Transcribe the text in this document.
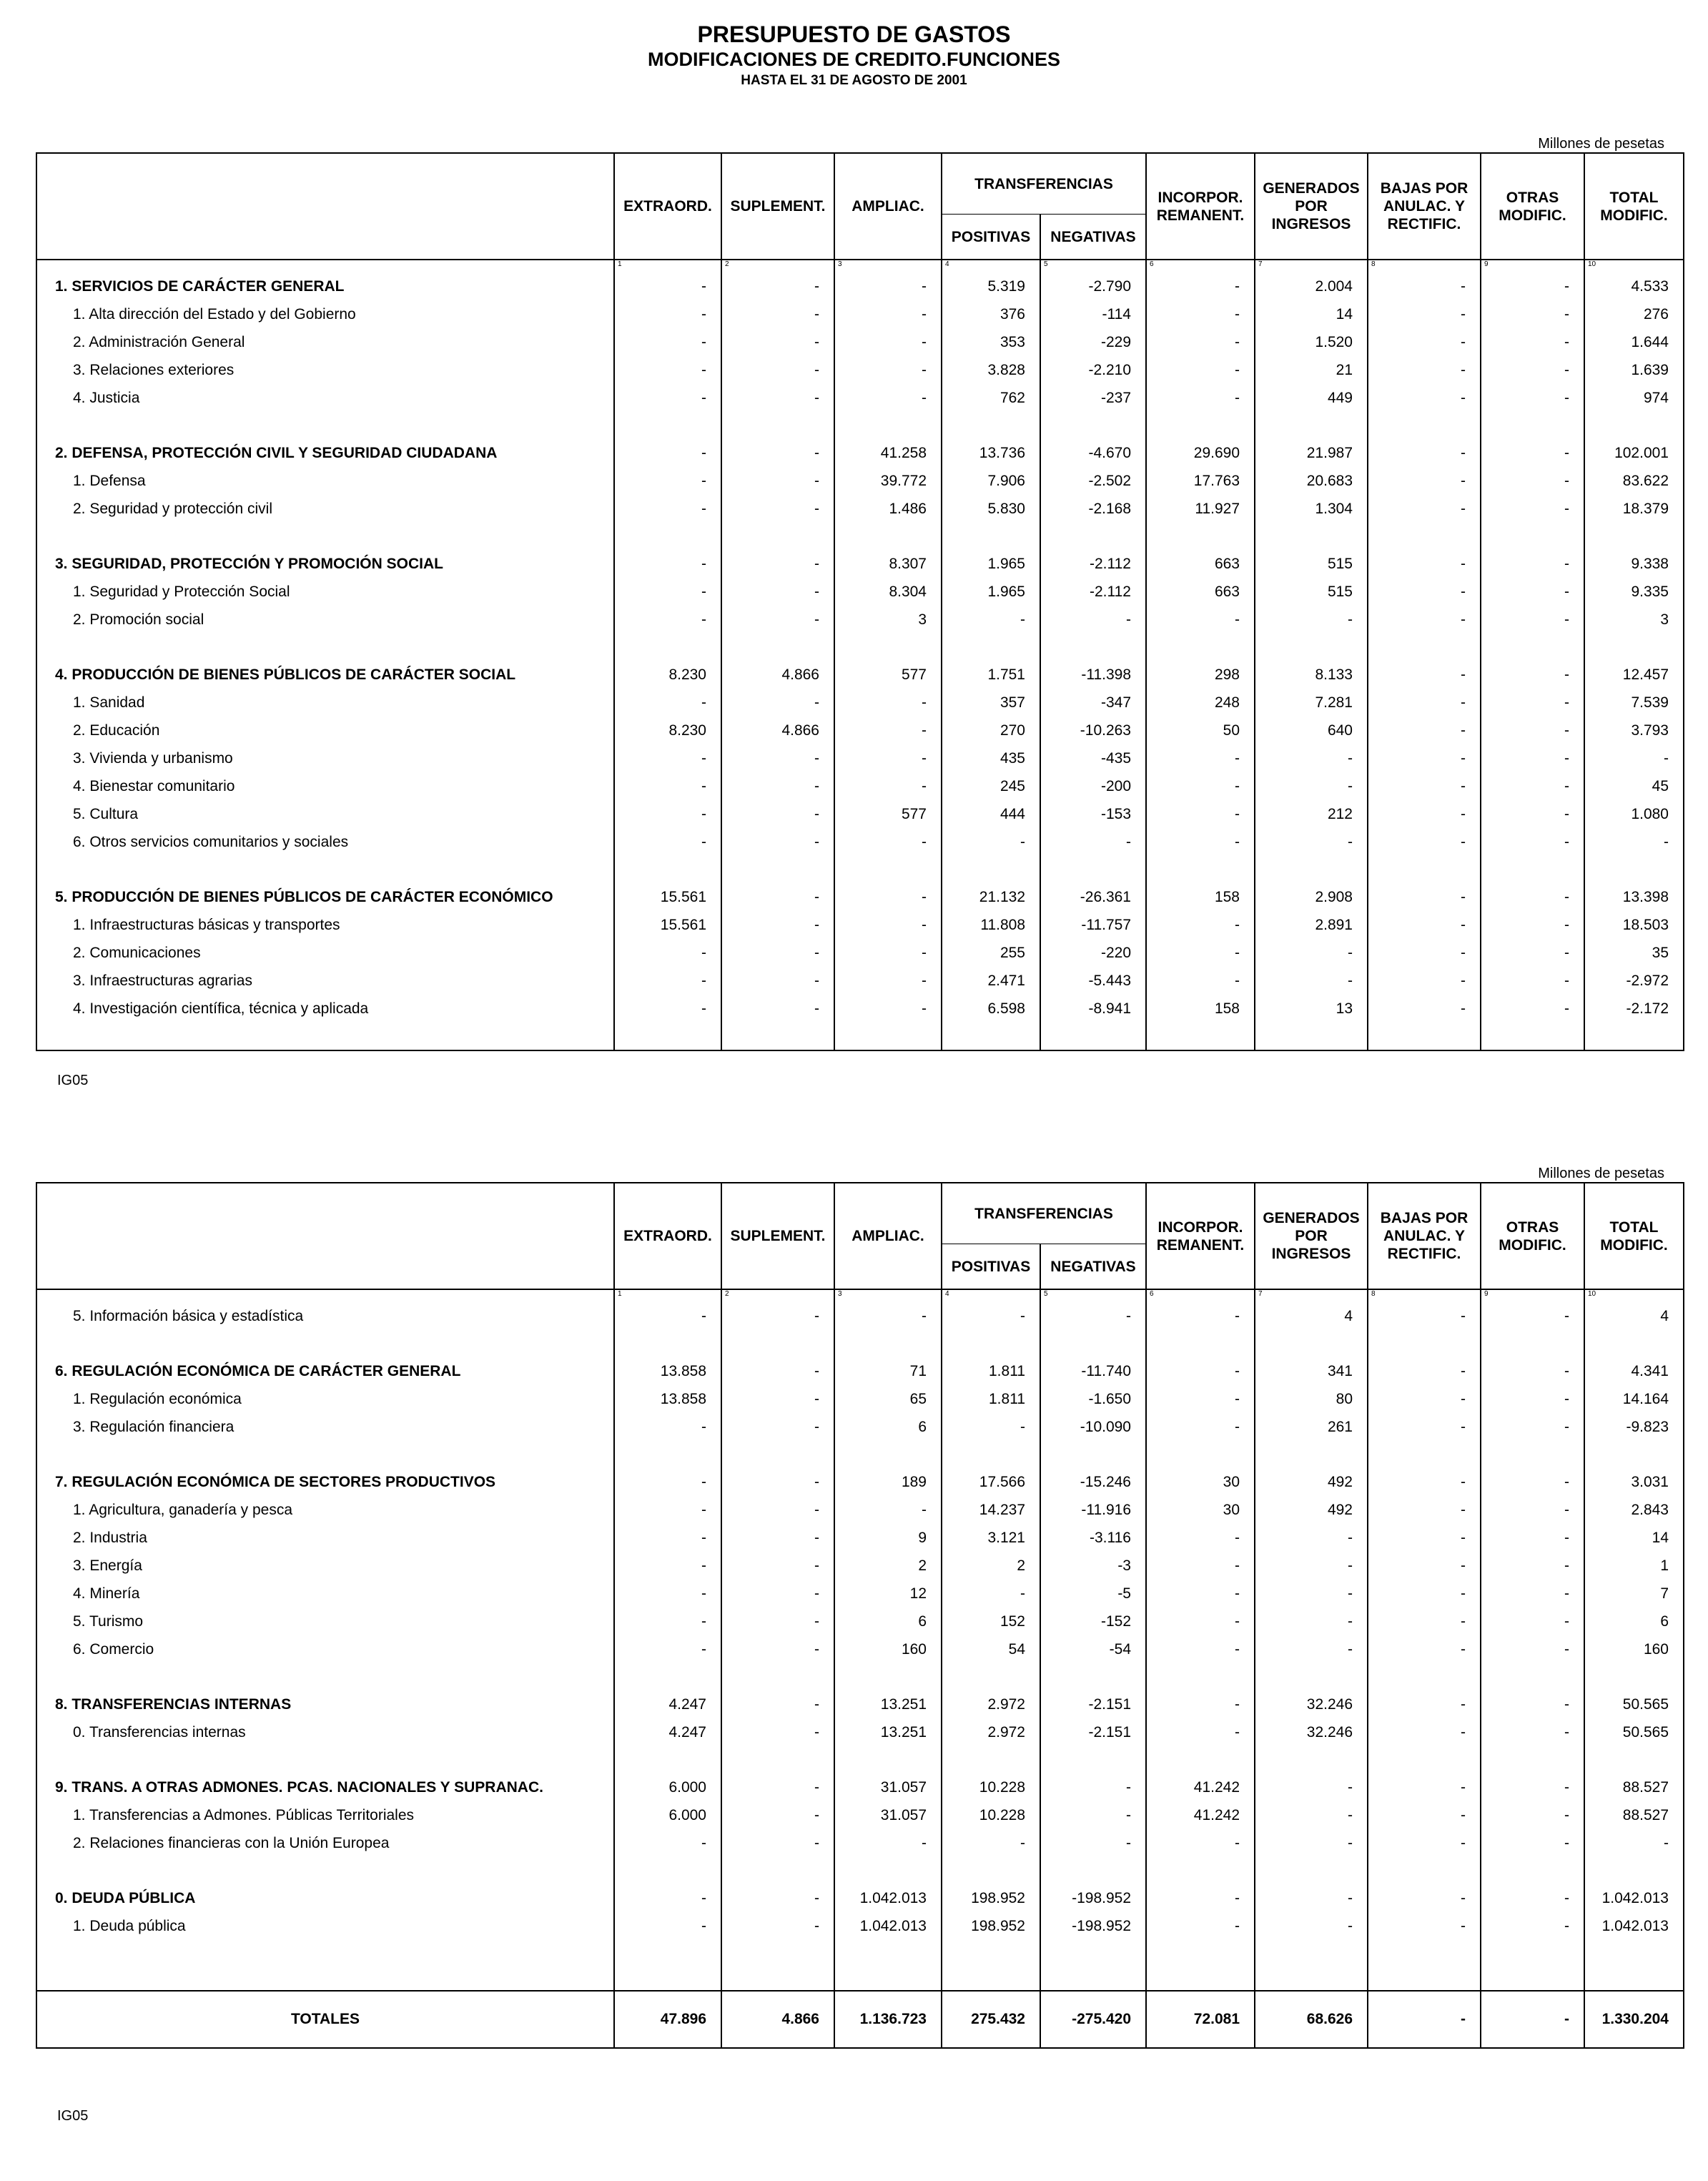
PRESUPUESTO DE GASTOS
MODIFICACIONES DE CREDITO.FUNCIONES
HASTA EL 31 DE AGOSTO DE 2001
Millones de pesetas
	EXTRAORD.	SUPLEMENT.	AMPLIAC.	TRANSFERENCIAS		INCORPOR.
REMANENT.	GENERADOS
POR
INGRESOS	BAJAS POR
ANULAC. Y
RECTIFIC.	OTRAS
MODIFIC.	TOTAL
MODIFIC.
				POSITIVAS	NEGATIVAS					
	1	2	3	4	5	6	7	8	9	10
1. SERVICIOS DE CARÁCTER GENERAL	-	-	-	5.319	-2.790	-	2.004	-	-	4.533
1. Alta dirección del Estado y del Gobierno	-	-	-	376	-114	-	14	-	-	276
2. Administración General	-	-	-	353	-229	-	1.520	-	-	1.644
3. Relaciones exteriores	-	-	-	3.828	-2.210	-	21	-	-	1.639
4. Justicia	-	-	-	762	-237	-	449	-	-	974

2. DEFENSA, PROTECCIÓN CIVIL Y SEGURIDAD CIUDADANA	-	-	41.258	13.736	-4.670	29.690	21.987	-	-	102.001
1. Defensa	-	-	39.772	7.906	-2.502	17.763	20.683	-	-	83.622
2. Seguridad y protección civil	-	-	1.486	5.830	-2.168	11.927	1.304	-	-	18.379

3. SEGURIDAD, PROTECCIÓN Y PROMOCIÓN SOCIAL	-	-	8.307	1.965	-2.112	663	515	-	-	9.338
1. Seguridad y Protección Social	-	-	8.304	1.965	-2.112	663	515	-	-	9.335
2. Promoción social	-	-	3	-	-	-	-	-	-	3

4. PRODUCCIÓN DE BIENES PÚBLICOS DE CARÁCTER SOCIAL	8.230	4.866	577	1.751	-11.398	298	8.133	-	-	12.457
1. Sanidad	-	-	-	357	-347	248	7.281	-	-	7.539
2. Educación	8.230	4.866	-	270	-10.263	50	640	-	-	3.793
3. Vivienda y urbanismo	-	-	-	435	-435	-	-	-	-	-
4. Bienestar comunitario	-	-	-	245	-200	-	-	-	-	45
5. Cultura	-	-	577	444	-153	-	212	-	-	1.080
6. Otros servicios comunitarios y sociales	-	-	-	-	-	-	-	-	-	-

5. PRODUCCIÓN DE BIENES PÚBLICOS DE CARÁCTER ECONÓMICO	15.561	-	-	21.132	-26.361	158	2.908	-	-	13.398
1. Infraestructuras básicas y transportes	15.561	-	-	11.808	-11.757	-	2.891	-	-	18.503
2. Comunicaciones	-	-	-	255	-220	-	-	-	-	35
3. Infraestructuras agrarias	-	-	-	2.471	-5.443	-	-	-	-	-2.972
4. Investigación científica, técnica y aplicada	-	-	-	6.598	-8.941	158	13	-	-	-2.172

IG05
Millones de pesetas
	EXTRAORD.	SUPLEMENT.	AMPLIAC.	TRANSFERENCIAS		INCORPOR.
REMANENT.	GENERADOS
POR
INGRESOS	BAJAS POR
ANULAC. Y
RECTIFIC.	OTRAS
MODIFIC.	TOTAL
MODIFIC.
				POSITIVAS	NEGATIVAS					
	1	2	3	4	5	6	7	8	9	10
5. Información básica y estadística	-	-	-	-	-	-	4	-	-	4

6. REGULACIÓN ECONÓMICA DE CARÁCTER GENERAL	13.858	-	71	1.811	-11.740	-	341	-	-	4.341
1. Regulación económica	13.858	-	65	1.811	-1.650	-	80	-	-	14.164
3. Regulación financiera	-	-	6	-	-10.090	-	261	-	-	-9.823

7. REGULACIÓN ECONÓMICA DE SECTORES PRODUCTIVOS	-	-	189	17.566	-15.246	30	492	-	-	3.031
1. Agricultura, ganadería y pesca	-	-	-	14.237	-11.916	30	492	-	-	2.843
2. Industria	-	-	9	3.121	-3.116	-	-	-	-	14
3. Energía	-	-	2	2	-3	-	-	-	-	1
4. Minería	-	-	12	-	-5	-	-	-	-	7
5. Turismo	-	-	6	152	-152	-	-	-	-	6
6. Comercio	-	-	160	54	-54	-	-	-	-	160

8. TRANSFERENCIAS INTERNAS	4.247	-	13.251	2.972	-2.151	-	32.246	-	-	50.565
0. Transferencias internas	4.247	-	13.251	2.972	-2.151	-	32.246	-	-	50.565

9. TRANS. A OTRAS ADMONES. PCAS. NACIONALES Y SUPRANAC.	6.000	-	31.057	10.228	-	41.242	-	-	-	88.527
1. Transferencias a Admones. Públicas Territoriales	6.000	-	31.057	10.228	-	41.242	-	-	-	88.527
2. Relaciones financieras con la Unión Europea	-	-	-	-	-	-	-	-	-	-

0. DEUDA PÚBLICA	-	-	1.042.013	198.952	-198.952	-	-	-	-	1.042.013
1. Deuda pública	-	-	1.042.013	198.952	-198.952	-	-	-	-	1.042.013

TOTALES	47.896	4.866	1.136.723	275.432	-275.420	72.081	68.626	-	-	1.330.204
IG05
